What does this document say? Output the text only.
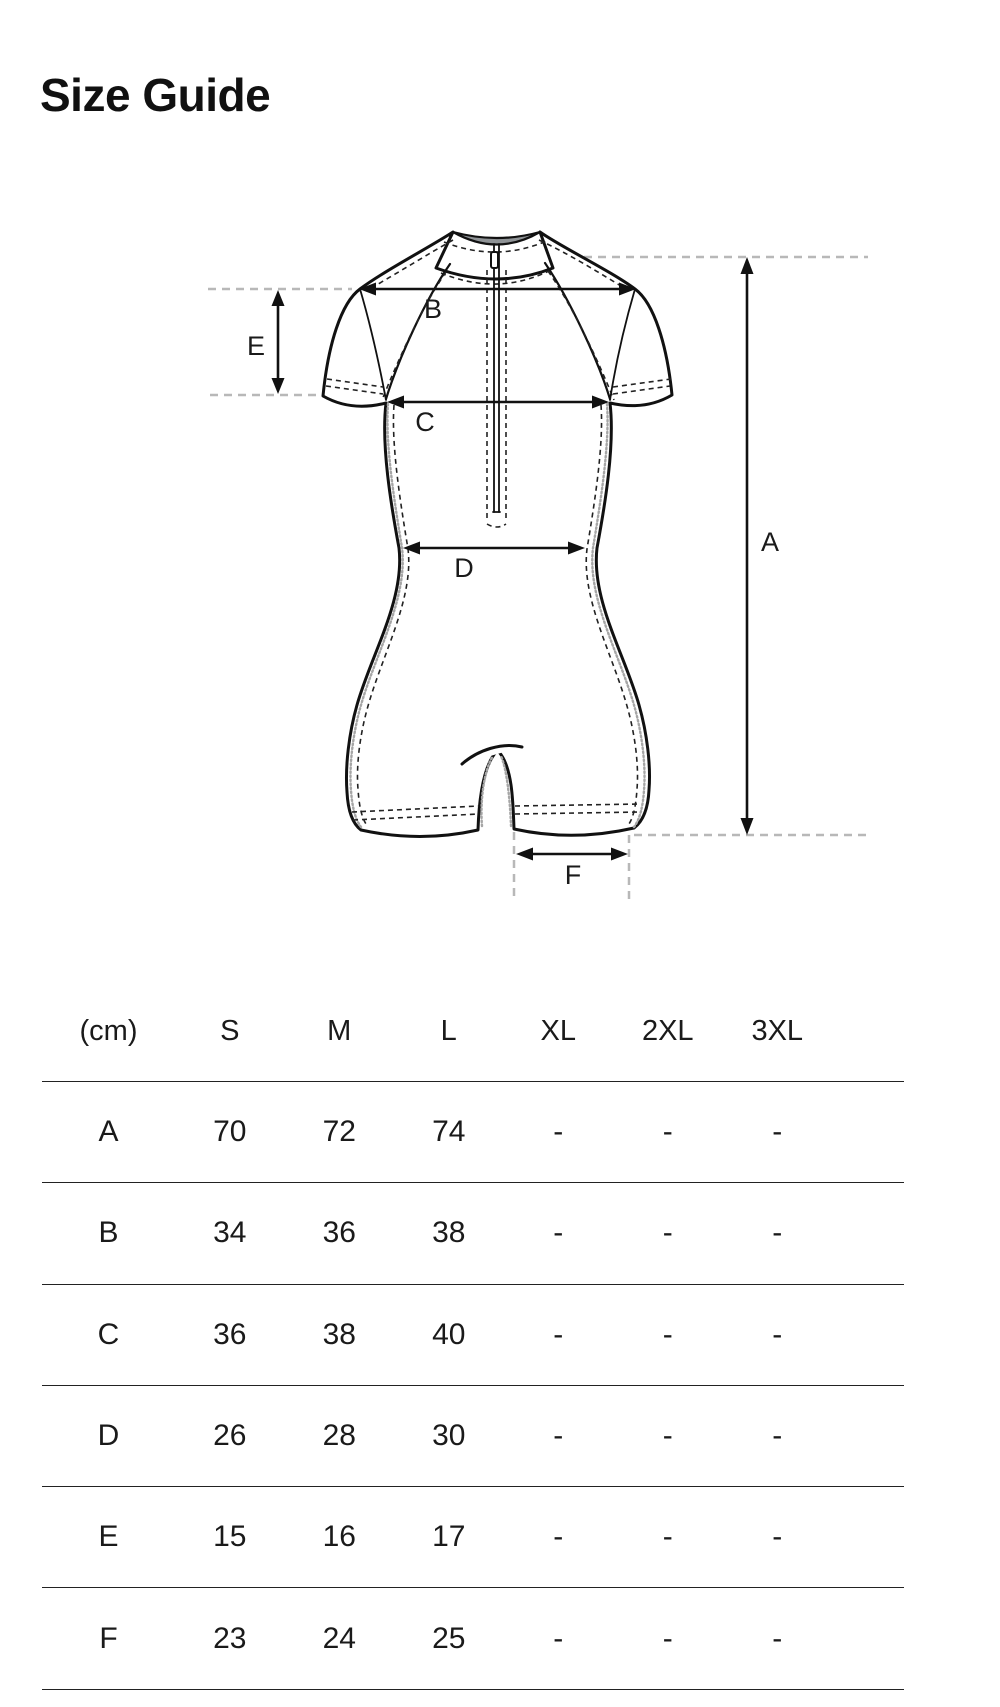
Size Guide
A
B
C
D
E
F
(cm)	S	M	L	XL	2XL	3XL
A	70	72	74	-	-	-
B	34	36	38	-	-	-
C	36	38	40	-	-	-
D	26	28	30	-	-	-
E	15	16	17	-	-	-
F	23	24	25	-	-	-
